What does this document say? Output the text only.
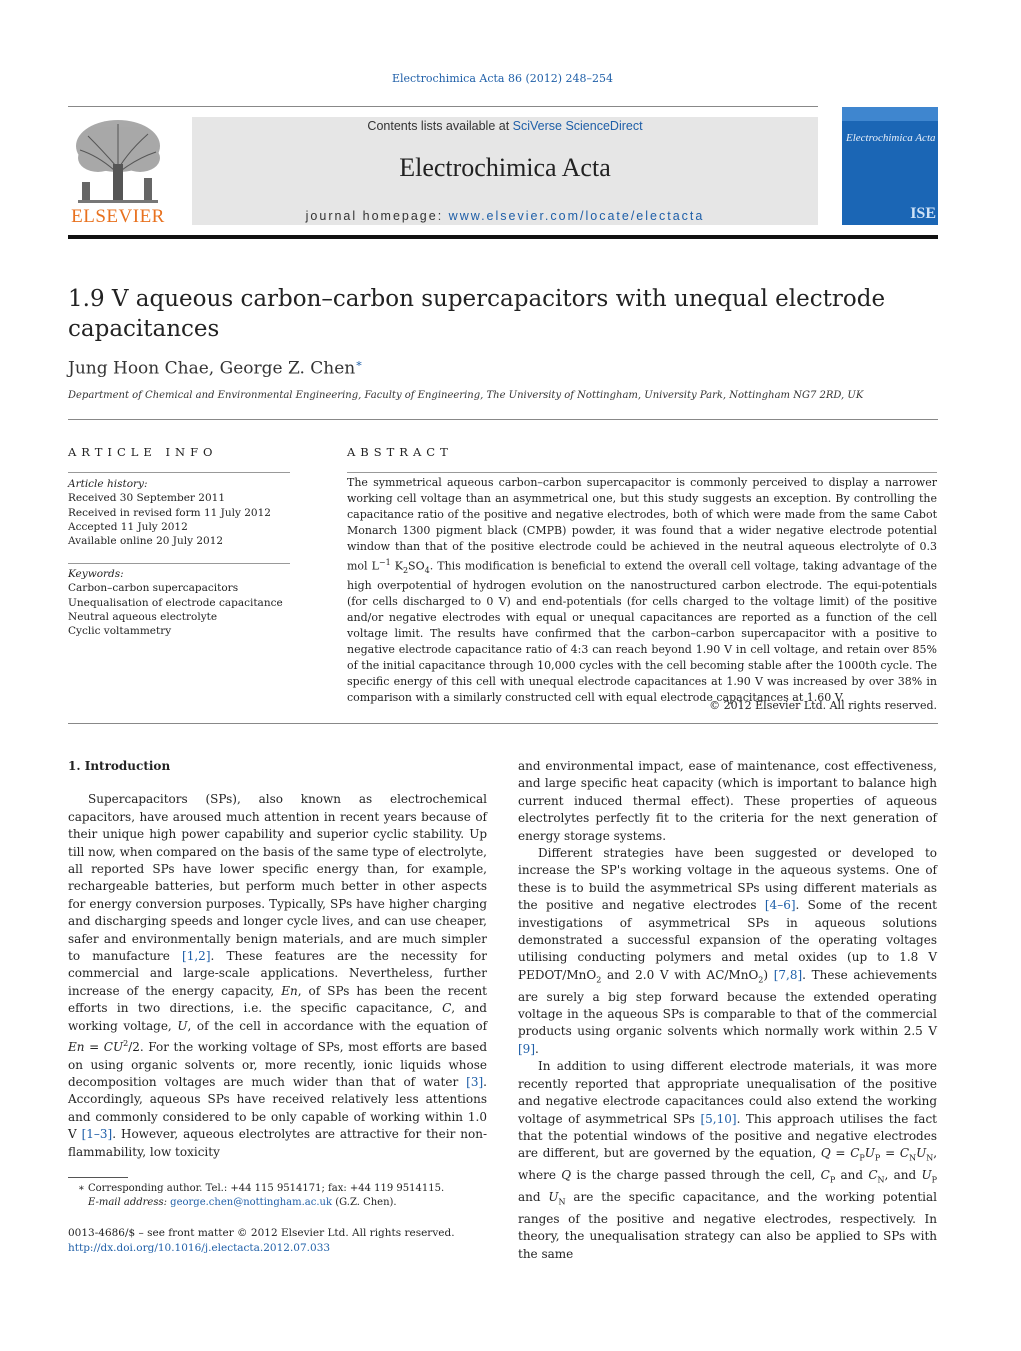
Electrochimica Acta 86 (2012) 248–254
ELSEVIER
Contents lists available at SciVerse ScienceDirect
Electrochimica Acta
journal homepage: www.elsevier.com/locate/electacta
Electrochimica Acta
ISE
1.9 V aqueous carbon–carbon supercapacitors with unequal electrode capacitances
Jung Hoon Chae, George Z. Chen∗
Department of Chemical and Environmental Engineering, Faculty of Engineering, The University of Nottingham, University Park, Nottingham NG7 2RD, UK
ARTICLE INFO
Article history:
Received 30 September 2011
Received in revised form 11 July 2012
Accepted 11 July 2012
Available online 20 July 2012
Keywords:
Carbon–carbon supercapacitors
Unequalisation of electrode capacitance
Neutral aqueous electrolyte
Cyclic voltammetry
ABSTRACT
The symmetrical aqueous carbon–carbon supercapacitor is commonly perceived to display a narrower working cell voltage than an asymmetrical one, but this study suggests an exception. By controlling the capacitance ratio of the positive and negative electrodes, both of which were made from the same Cabot Monarch 1300 pigment black (CMPB) powder, it was found that a wider negative electrode potential window than that of the positive electrode could be achieved in the neutral aqueous electrolyte of 0.3 mol $L^{-1}$ $K_2SO_4$. This modification is beneficial to extend the overall cell voltage, taking advantage of the high overpotential of hydrogen evolution on the nanostructured carbon electrode. The equi-potentials (for cells discharged to 0 V) and end-potentials (for cells charged to the voltage limit) of the positive and/or negative electrodes with equal or unequal capacitances are reported as a function of the cell voltage limit. The results have confirmed that the carbon–carbon supercapacitor with a positive to negative electrode capacitance ratio of 4:3 can reach beyond 1.90 V in cell voltage, and retain over 85% of the initial capacitance through 10,000 cycles with the cell becoming stable after the 1000th cycle. The specific energy of this cell with unequal electrode capacitances at 1.90 V was increased by over 38% in comparison with a similarly constructed cell with equal electrode capacitances at 1.60 V.
© 2012 Elsevier Ltd. All rights reserved.
1. Introduction

Supercapacitors (SPs), also known as electrochemical capacitors, have aroused much attention in recent years because of their unique high power capability and superior cyclic stability. Up till now, when compared on the basis of the same type of electrolyte, all reported SPs have lower specific energy than, for example, rechargeable batteries, but perform much better in other aspects for energy conversion purposes. Typically, SPs have higher charging and discharging speeds and longer cycle lives, and can use cheaper, safer and environmentally benign materials, and are much simpler to manufacture [1,2]. These features are the necessity for commercial and large-scale applications. Nevertheless, further increase of the energy capacity, En, of SPs has been the recent efforts in two directions, i.e. the specific capacitance, C, and working voltage, U, of the cell in accordance with the equation of $En = CU^2/2$. For the working voltage of SPs, most efforts are based on using organic solvents or, more recently, ionic liquids whose decomposition voltages are much wider than that of water [3]. Accordingly, aqueous SPs have received relatively less attentions and commonly considered to be only capable of working within 1.0 V [1–3]. However, aqueous electrolytes are attractive for their non-flammability, low toxicity

and environmental impact, ease of maintenance, cost effectiveness, and large specific heat capacity (which is important to balance high current induced thermal effect). These properties of aqueous electrolytes perfectly fit to the criteria for the next generation of energy storage systems.

Different strategies have been suggested or developed to increase the SP's working voltage in the aqueous systems. One of these is to build the asymmetrical SPs using different materials as the positive and negative electrodes [4–6]. Some of the recent investigations of asymmetrical SPs in aqueous solutions demonstrated a successful expansion of the operating voltages utilising conducting polymers and metal oxides (up to 1.8 V PEDOT/MnO$_2$ and 2.0 V with AC/MnO$_2$) [7,8]. These achievements are surely a big step forward because the extended operating voltage in the aqueous SPs is comparable to that of the commercial products using organic solvents which normally work within 2.5 V [9].

In addition to using different electrode materials, it was more recently reported that appropriate unequalisation of the positive and negative electrode capacitances could also extend the working voltage of asymmetrical SPs [5,10]. This approach utilises the fact that the potential windows of the positive and negative electrodes are different, but are governed by the equation, $Q = C_PU_P = C_NU_N$, where Q is the charge passed through the cell, $C_P$ and $C_N$, and $U_P$ and $U_N$ are the specific capacitance, and the working potential ranges of the positive and negative electrodes, respectively. In theory, the unequalisation strategy can also be applied to SPs with the same

∗ Corresponding author. Tel.: +44 115 9514171; fax: +44 119 9514115.
E-mail address: george.chen@nottingham.ac.uk (G.Z. Chen).
0013-4686/$ – see front matter © 2012 Elsevier Ltd. All rights reserved.
http://dx.doi.org/10.1016/j.electacta.2012.07.033
